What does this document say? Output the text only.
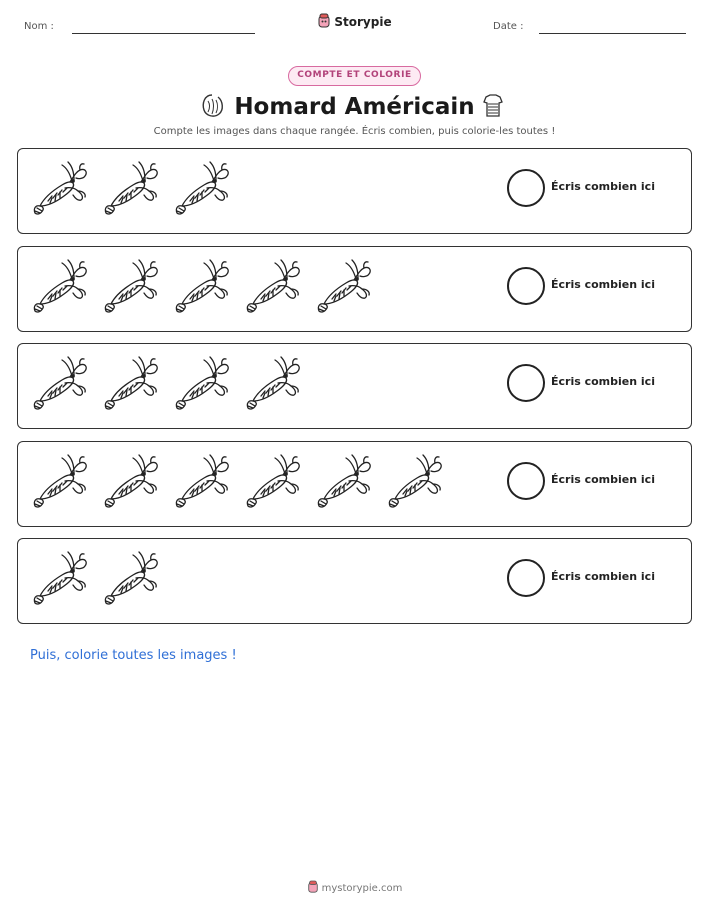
Nom :	Storypie	Date :
COMPTE ET COLORIE
Homard Américain
Compte les images dans chaque rangée. Écris combien, puis colorie-les toutes !
Écris combien ici
Écris combien ici
Écris combien ici
Écris combien ici
Écris combien ici
Puis, colorie toutes les images !
mystorypie.com
